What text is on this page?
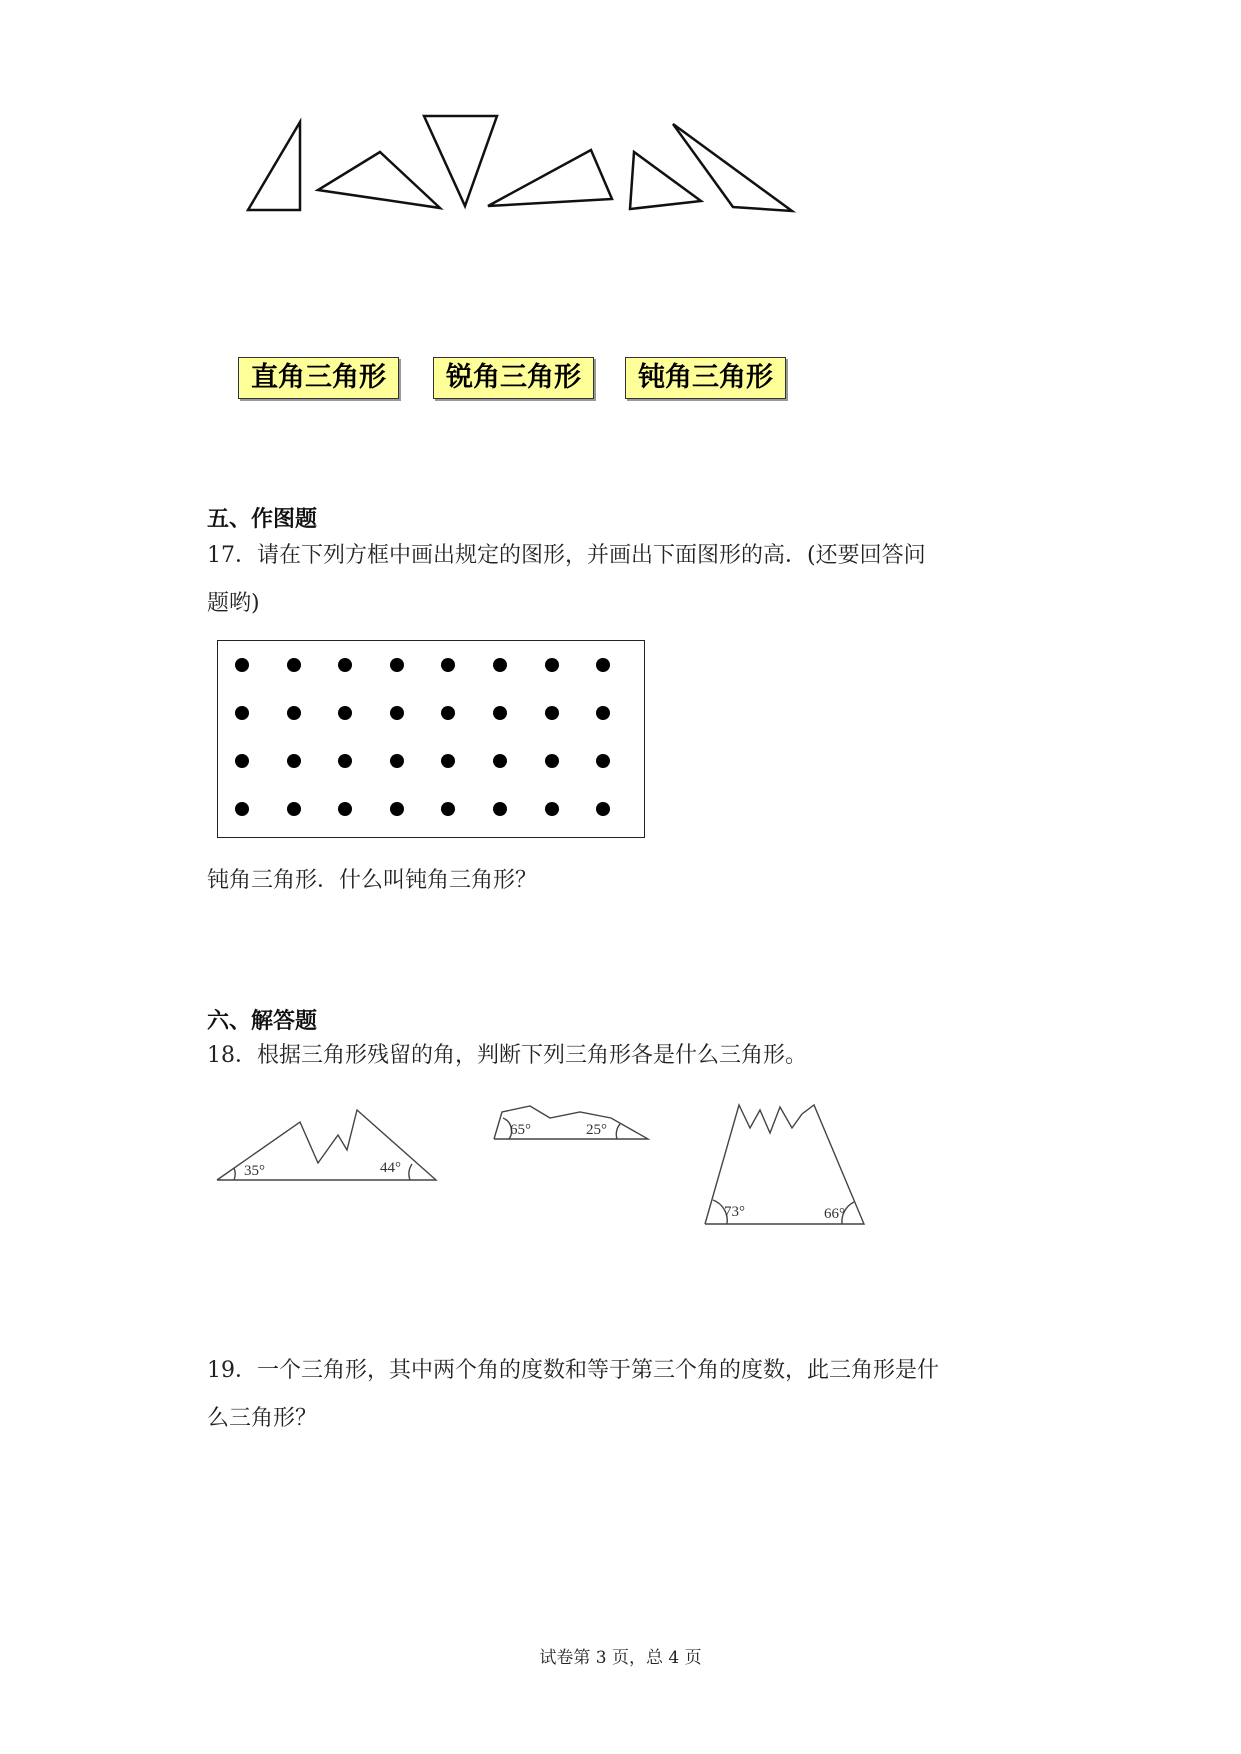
直角三角形	锐角三角形	钝角三角形
五、作图题
17．请在下列方框中画出规定的图形，并画出下面图形的高．(还要回答问
题哟)
钝角三角形．什么叫钝角三角形？
六、解答题
18．根据三角形残留的角，判断下列三角形各是什么三角形。
35°	44°
65°	25°
73°	66°
19．一个三角形，其中两个角的度数和等于第三个角的度数，此三角形是什
么三角形？
试卷第 3 页，总 4 页
